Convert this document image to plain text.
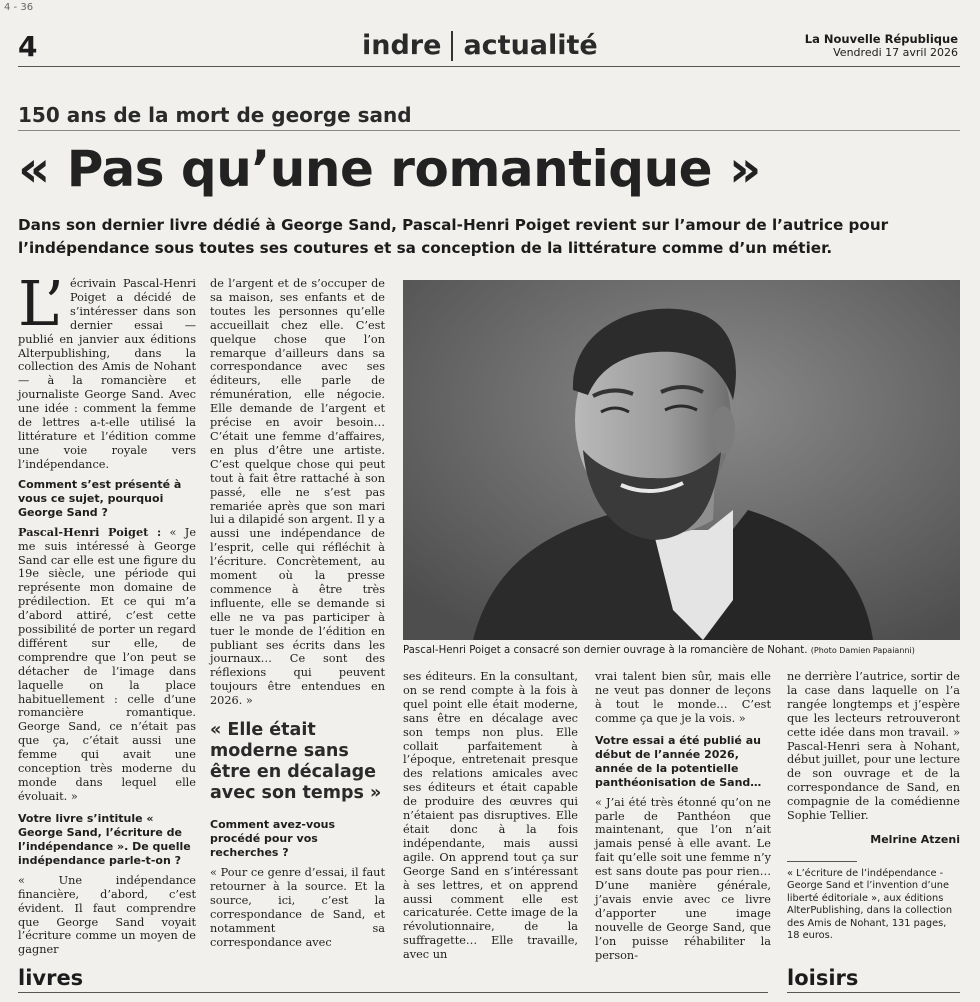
4 - 36
4	indre actualité	La Nouvelle République
Vendredi 17 avril 2026
150 ans de la mort de george sand
« Pas qu’une romantique »
Dans son dernier livre dédié à George Sand, Pascal-Henri Poiget revient sur l’amour de l’autrice pour l’indépendance sous toutes ses coutures et sa conception de la littérature comme d’un métier.

L’ écrivain Pascal-Henri Poiget a décidé de s’intéresser dans son dernier essai — publié en janvier aux éditions Alterpublishing, dans la collection des Amis de Nohant — à la romancière et journaliste George Sand. Avec une idée : comment la femme de lettres a-t-elle utilisé la littérature et l’édition comme une voie royale vers l’indépendance.

Comment s’est présenté à vous ce sujet, pourquoi George Sand ?

Pascal-Henri Poiget : « Je me suis intéressé à George Sand car elle est une figure du 19e siècle, une période qui représente mon domaine de prédilection. Et ce qui m’a d’abord attiré, c’est cette possibilité de porter un regard différent sur elle, de comprendre que l’on peut se détacher de l’image dans laquelle on la place habituellement : celle d’une romancière romantique. George Sand, ce n’était pas que ça, c’était aussi une femme qui avait une conception très moderne du monde dans lequel elle évoluait. »

Votre livre s’intitule « George Sand, l’écriture de l’indépendance ». De quelle indépendance parle-t-on ?

« Une indépendance financière, d’abord, c’est évident. Il faut comprendre que George Sand voyait l’écriture comme un moyen de gagner

de l’argent et de s’occuper de sa maison, ses enfants et de toutes les personnes qu’elle accueillait chez elle. C’est quelque chose que l’on remarque d’ailleurs dans sa correspondance avec ses éditeurs, elle parle de rémunération, elle négocie. Elle demande de l’argent et précise en avoir besoin… C’était une femme d’affaires, en plus d’être une artiste. C’est quelque chose qui peut tout à fait être rattaché à son passé, elle ne s’est pas remariée après que son mari lui a dilapidé son argent. Il y a aussi une indépendance de l’esprit, celle qui réfléchit à l’écriture. Concrètement, au moment où la presse commence à être très influente, elle se demande si elle ne va pas participer à tuer le monde de l’édition en publiant ses écrits dans les journaux… Ce sont des réflexions qui peuvent toujours être entendues en 2026. »

« Elle était moderne sans être en décalage avec son temps »
Comment avez-vous procédé pour vos recherches ?

« Pour ce genre d’essai, il faut retourner à la source. Et la source, ici, c’est la correspondance de Sand, et notamment sa correspondance avec

Pascal-Henri Poiget a consacré son dernier ouvrage à la romancière de Nohant. (Photo Damien Papaianni)

ses éditeurs. En la consultant, on se rend compte à la fois à quel point elle était moderne, sans être en décalage avec son temps non plus. Elle collait parfaitement à l’époque, entretenait presque des relations amicales avec ses éditeurs et était capable de produire des œuvres qui n’étaient pas disruptives. Elle était donc à la fois indépendante, mais aussi agile. On apprend tout ça sur George Sand en s’intéressant à ses lettres, et on apprend aussi comment elle est caricaturée. Cette image de la révolutionnaire, de la suffragette… Elle travaille, avec un

vrai talent bien sûr, mais elle ne veut pas donner de leçons à tout le monde… C’est comme ça que je la vois. »

Votre essai a été publié au début de l’année 2026, année de la potentielle panthéonisation de Sand…

« J’ai été très étonné qu’on ne parle de Panthéon que maintenant, que l’on n’ait jamais pensé à elle avant. Le fait qu’elle soit une femme n’y est sans doute pas pour rien… D’une manière générale, j’avais envie avec ce livre d’apporter une image nouvelle de George Sand, que l’on puisse réhabiliter la person-

ne derrière l’autrice, sortir de la case dans laquelle on l’a rangée longtemps et j’espère que les lecteurs retrouveront cette idée dans mon travail. » Pascal-Henri sera à Nohant, début juillet, pour une lecture de son ouvrage et de la correspondance de Sand, en compagnie de la comédienne Sophie Tellier.

Melrine Atzeni
« L’écriture de l’indépendance - George Sand et l’invention d’une liberté éditoriale », aux éditions AlterPublishing, dans la collection des Amis de Nohant, 131 pages, 18 euros.
livres	loisirs
